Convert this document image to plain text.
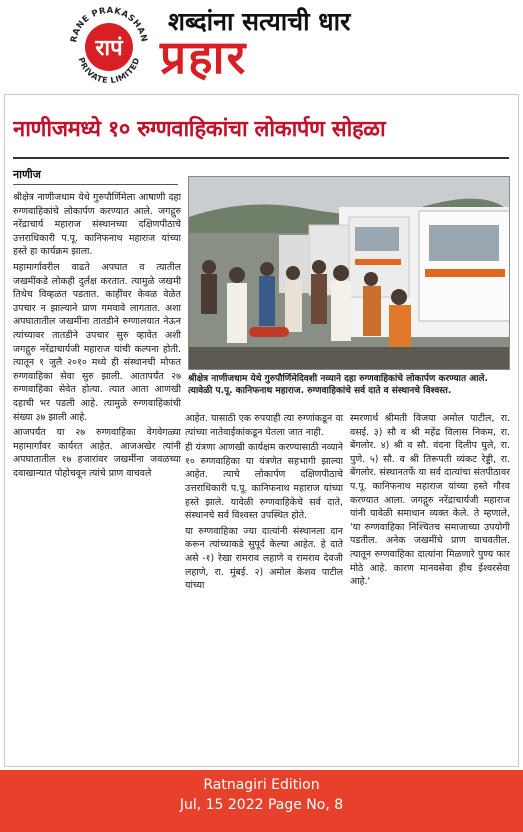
रापं
RANE PRAKASHAN
PRIVATE LIMITED
शब्दांना सत्याची धार
प्रहार
नाणीजमध्ये १० रुग्णवाहिकांचा लोकार्पण सोहळा
नाणीज

श्रीक्षेत्र नाणीजधाम येथे गुरुपौर्णिमेला आषाणी दहा रुग्णवाहिकांचे लोकार्पण करण्यात आले. जगद्गुरु नरेंद्राचार्य महाराज संस्थानच्या दक्षिणपीठाचे उत्तराधिकारी प.पू. कानिफनाथ महाराज यांच्या हस्ते हा कार्यक्रम झाला.

महामार्गावरील वाढते अपघात व त्यातील जखमींकडे लोकही दुर्लक्ष करतात. त्यामुळे जखमी तिथेच विव्हळत पडतात. काहींवर केवळ वेळेत उपचार न झाल्याने प्राण गमवावे लागतात. अशा अपघातातील जखमींना तातडीने रुग्णालयात नेऊन त्यांच्यावर तातडीने उपचार सुरु व्हावेत अशी जगद्गुरु नरेंद्राचार्यजी महाराज यांची कल्पना होती. त्यातून १ जुलै २०१० मध्ये ही संस्थानची मोफत रुग्णवाहिका सेवा सुरु झाली. आतापर्यंत २७ रुग्णवाहिका सेवेत होत्या. त्यात आता आणखी दहाची भर पडली आहे. त्यामुळे रुग्णवाहिकांची संख्या ३७ झाली आहे.

आजपर्यंत या २७ रुग्णवाहिका वेगवेगळ्या महामार्गांवर कार्यरत आहेत. आजअखेर त्यांनी अपघातातील १७ हजारांवर जखमींना जवळच्या दवाखान्यात पोहोचवून त्यांचे प्राण वाचवले

श्रीक्षेत्र नाणीजधाम येथे गुरुपौर्णिमेदिवशी नव्याने दहा रुग्णवाहिकांचे लोकार्पण करण्यात आले. त्यावेळी प.पू. कानिफनाथ महाराज. रुग्णवाहिकांचे सर्व दाते व संस्थानचे विश्वस्त.

आहेत. यासाठी एक रुपयाही त्या रुग्णांकडून वा त्यांच्या नातेवाईकांकडून घेतला जात नाही.

ही यंत्रणा आणखी कार्यक्षम करण्यासाठी नव्याने १० रुग्णवाहिका या यंत्रणेत सहभागी झाल्या आहेत. त्याचे लोकार्पण दक्षिणपीठाचे उत्तराधिकारी प.पू. कानिफनाथ महाराज यांच्या हस्ते झाले. यावेळी रुग्णवाहिकेचे सर्व दाते, संस्थानचे सर्व विश्वस्त उपस्थित होते.

या रुग्णवाहिका ज्या दात्यांनी संस्थानला दान करून त्यांच्याकडे सुपूर्द केल्या आहेत. हे दाते असे -१) रेखा रामराव लहाणे व रामराव देवजी लहाणे, रा. मुंबई. २) अमोल केशव पाटील यांच्या

स्मरणार्थ श्रीमती विजया अमोल पाटील, रा. वसई. ३) सौ व श्री महेंद्र विलास निकम, रा. बेंगलोर. ४) श्री व सौ. वंदना दिलीप घुले, रा. पुणे. ५) सौ. व श्री तिरूपती व्यंकट रेड्डी, रा. बेंगलोर. संस्थानतर्फे या सर्व दात्यांचा संतपीठावर प.पू. कानिफनाथ महाराज यांच्या हस्ते गौरव करण्यात आला. जगद्गुरु नरेंद्राचार्यजी महाराज यांनी यावेळी समाधान व्यक्त केले. ते म्हणाले, 'या रुग्णवाहिका निश्चितच समाजाच्या उपयोगी पडतील. अनेक जखमींचे प्राण वाचवतील. त्यातून रुग्णवाहिका दात्यांना मिळणारे पुण्य फार मोठे आहे. कारण मानवसेवा हीच ईश्वरसेवा आहे.'

Ratnagiri Edition
Jul, 15 2022 Page No, 8
